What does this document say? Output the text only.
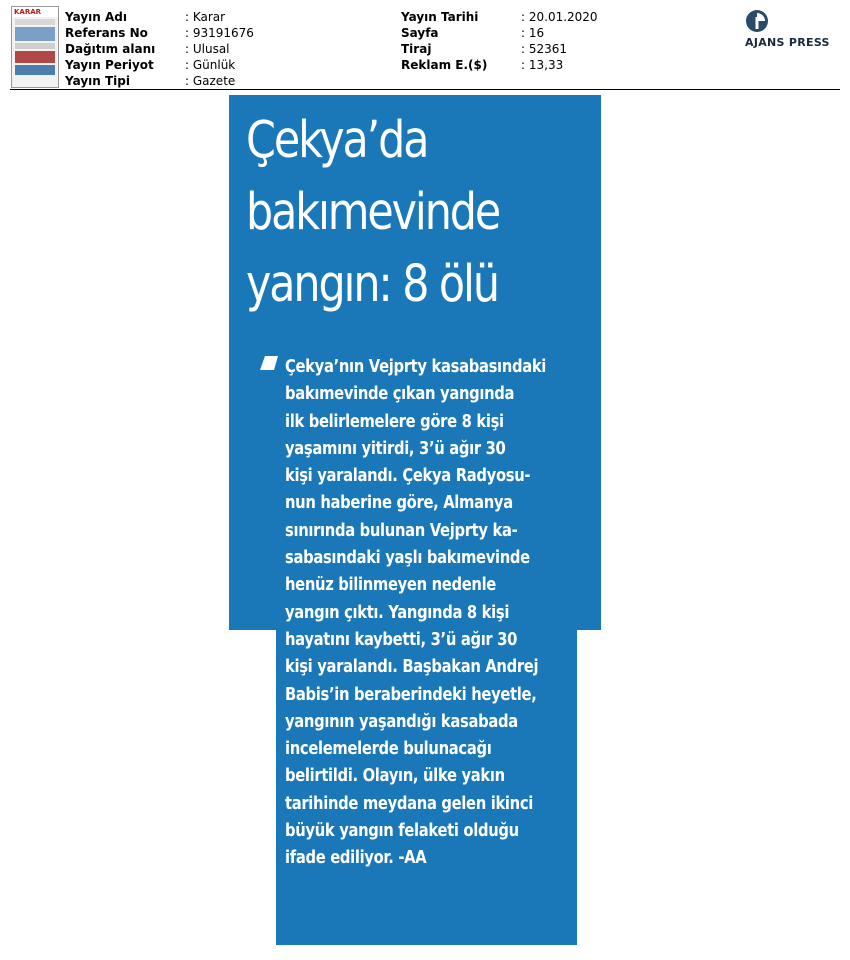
KARAR	Yayın Adı	: Karar
Referans No	: 93191676
Dağıtım alanı : Ulusal
Yayın Periyot	: Günlük
Yayın Tipi	: Gazete
Yayın Tarihi	: 20.01.2020
Sayfa	: 16
Tiraj	: 52361
Reklam E.($)	: 13,33
AJANS PRESS
Çekya’da
bakımevinde
yangın: 8 ölü
Çekya’nın Vejprty kasabasındaki
bakımevinde çıkan yangında
ilk belirlemelere göre 8 kişi
yaşamını yitirdi, 3’ü ağır 30
kişi yaralandı. Çekya Radyosu-
nun haberine göre, Almanya
sınırında bulunan Vejprty ka-
sabasındaki yaşlı bakımevinde
henüz bilinmeyen nedenle
yangın çıktı. Yangında 8 kişi
hayatını kaybetti, 3’ü ağır 30
kişi yaralandı. Başbakan Andrej
Babis’in beraberindeki heyetle,
yangının yaşandığı kasabada
incelemelerde bulunacağı
belirtildi. Olayın, ülke yakın
tarihinde meydana gelen ikinci
büyük yangın felaketi olduğu
ifade ediliyor. -AA
